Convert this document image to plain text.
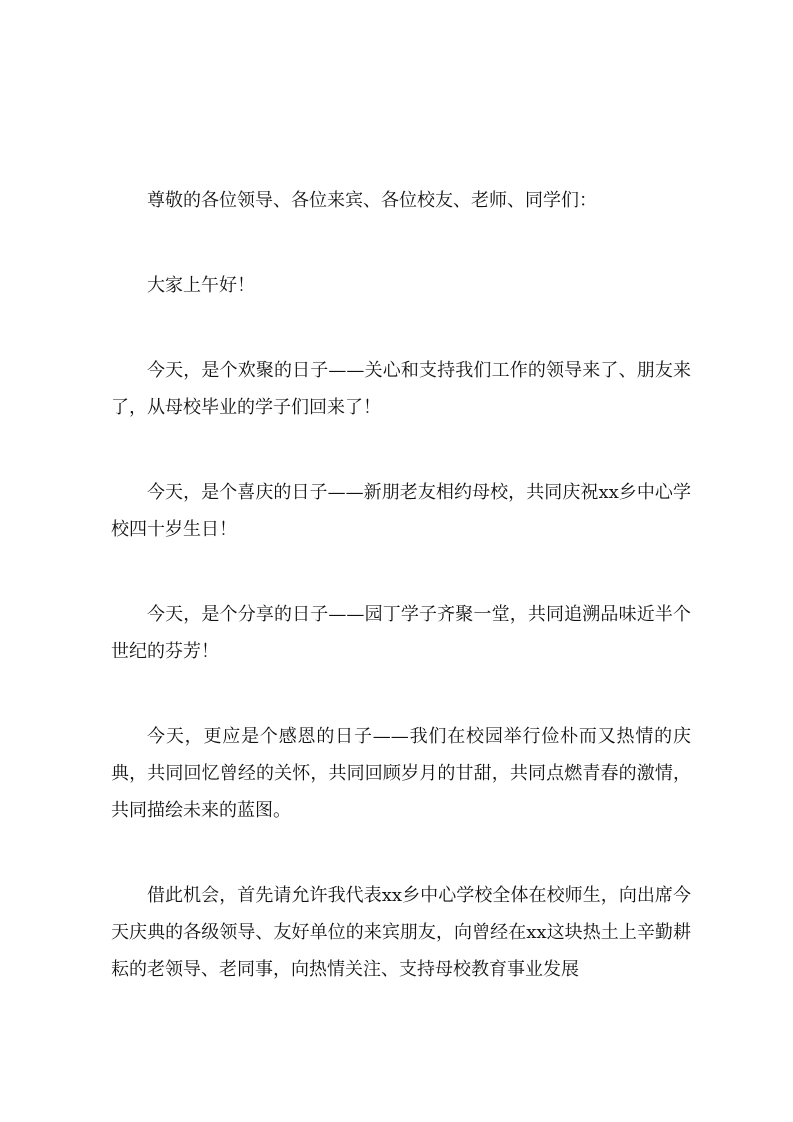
尊敬的各位领导、各位来宾、各位校友、老师、同学们：

大家上午好！

今天，是个欢聚的日子——关心和支持我们工作的领导来了、朋友来了，从母校毕业的学子们回来了！

今天，是个喜庆的日子——新朋老友相约母校，共同庆祝xx乡中心学校四十岁生日！

今天，是个分享的日子——园丁学子齐聚一堂，共同追溯品味近半个世纪的芬芳！

今天，更应是个感恩的日子——我们在校园举行俭朴而又热情的庆典，共同回忆曾经的关怀，共同回顾岁月的甘甜，共同点燃青春的激情，共同描绘未来的蓝图。

借此机会，首先请允许我代表xx乡中心学校全体在校师生，向出席今天庆典的各级领导、友好单位的来宾朋友，向曾经在xx这块热土上辛勤耕耘的老领导、老同事，向热情关注、支持母校教育事业发展
